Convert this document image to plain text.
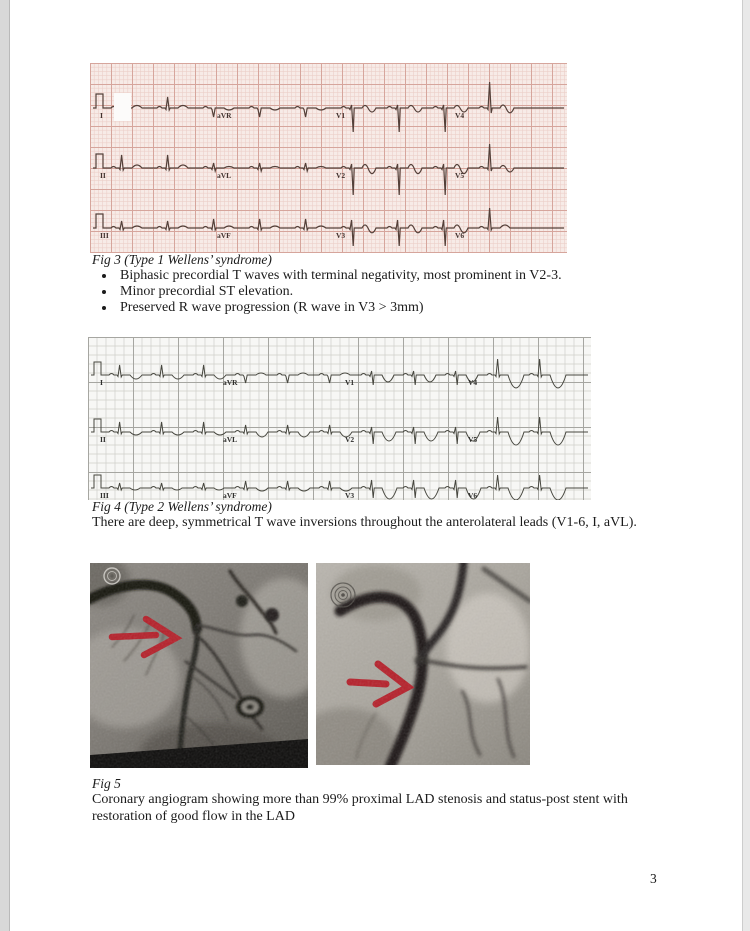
I	aVR	V1	V4
II	aVL	V2	V5
III	aVF	V3	V6
Fig 3 (Type 1 Wellens’ syndrome)
• Biphasic precordial T waves with terminal negativity, most prominent in V2-3.
• Minor precordial ST elevation.
• Preserved R wave progression (R wave in V3 > 3mm)
I	aVR	V1	V4
II	aVL	V2	V5
III	aVF	V3	V6
Fig 4 (Type 2 Wellens’ syndrome)
There are deep, symmetrical T wave inversions throughout the anterolateral leads (V1-6, I, aVL).
Fig 5
Coronary angiogram showing more than 99% proximal LAD stenosis and status-post stent with restoration of good flow in the LAD
3
